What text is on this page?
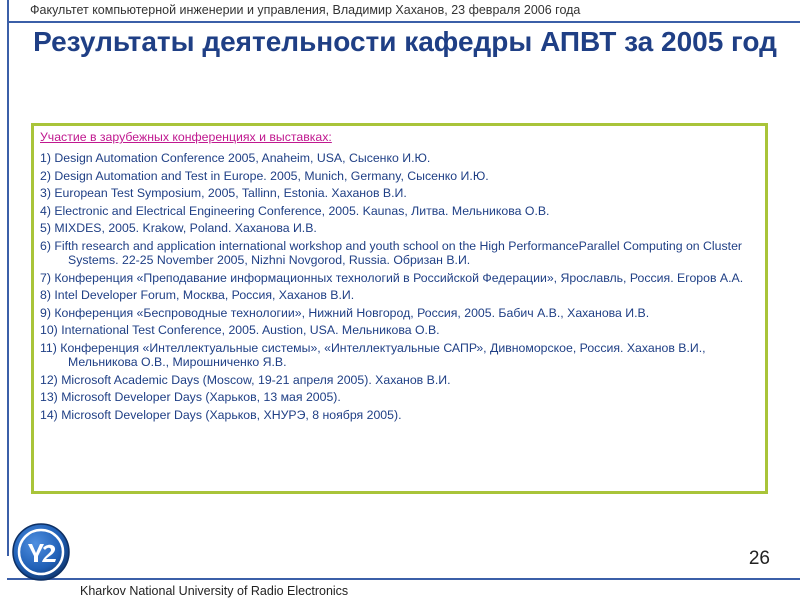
Факультет компьютерной инженерии и управления, Владимир Хаханов, 23 февраля 2006 года
Результаты деятельности кафедры АПВТ за 2005 год
Участие в зарубежных конференциях и выставках:
1) Design Automation Conference 2005, Anaheim, USA, Сысенко И.Ю.
2) Design Automation and Test in Europe. 2005, Munich, Germany, Сысенко И.Ю.
3) European Test Symposium, 2005, Tallinn, Estonia. Хаханов В.И.
4) Electronic and Electrical Engineering Conference, 2005. Kaunas, Литва. Мельникова О.В.
5) MIXDES, 2005. Krakow, Poland. Хаханова И.В.
6) Fifth research and application international workshop and youth school on the High PerformanceParallel Computing on Cluster Systems. 22-25 November 2005, Nizhni Novgorod, Russia. Обризан В.И.
7) Конференция «Преподавание информационных технологий в Российской Федерации», Ярославль, Россия. Егоров А.А.
8) Intel Developer Forum, Москва, Россия, Хаханов В.И.
9) Конференция «Беспроводные технологии», Нижний Новгород, Россия, 2005. Бабич А.В., Хаханова И.В.
10) International Test Conference, 2005. Austion, USA. Мельникова О.В.
11) Конференция «Интеллектуальные системы», «Интеллектуальные САПР», Дивноморское, Россия. Хаханов В.И., Мельникова О.В., Мирошниченко Я.В.
12) Microsoft Academic Days (Moscow, 19-21 апреля 2005). Хаханов В.И.
13) Microsoft Developer Days (Харьков, 13 мая 2005).
14) Microsoft Developer Days (Харьков, ХНУРЭ, 8 ноября 2005).
26
Kharkov National University of Radio Electronics
